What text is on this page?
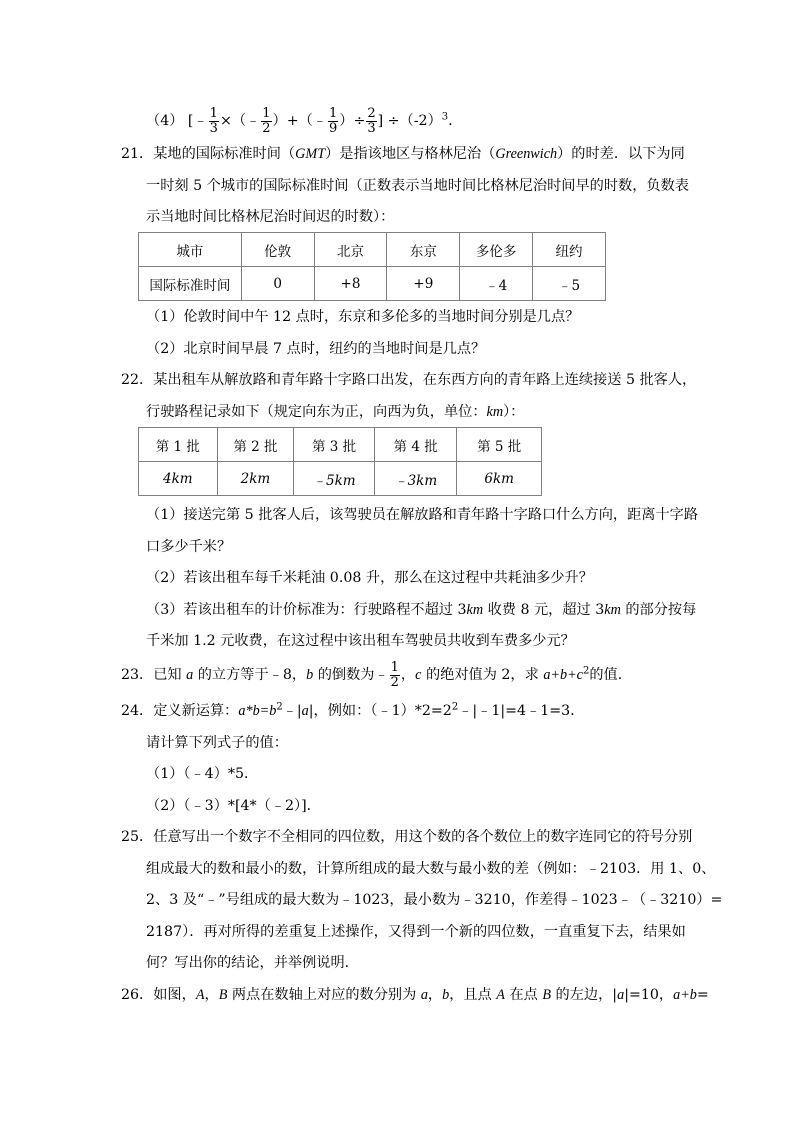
（4） [﹣ $\frac{1}{3}$ ×（﹣ $\frac{1}{2}$ ）+（﹣ $\frac{1}{9}$ ）÷ $\frac{2}{3}$ ] $\div(-2)^3$.
21．某地的国际标准时间（GMT）是指该地区与格林尼治（Greenwich）的时差．以下为同
一时刻 5 个城市的国际标准时间（正数表示当地时间比格林尼治时间早的时数，负数表
示当地时间比格林尼治时间迟的时数）：
城市	伦敦	北京	东京	多伦多	纽约
国际标准时间	0	+8	+9	﹣4	﹣5
（1）伦敦时间中午 12 点时，东京和多伦多的当地时间分别是几点？
（2）北京时间早晨 7 点时，纽约的当地时间是几点？
22．某出租车从解放路和青年路十字路口出发，在东西方向的青年路上连续接送 5 批客人，
行驶路程记录如下（规定向东为正，向西为负，单位：km）：
第 1 批	第 2 批	第 3 批	第 4 批	第 5 批
4km	2km	﹣5km	﹣3km	6km
（1）接送完第 5 批客人后，该驾驶员在解放路和青年路十字路口什么方向，距离十字路
口多少千米？
（2）若该出租车每千米耗油 0.08 升，那么在这过程中共耗油多少升？
（3）若该出租车的计价标准为：行驶路程不超过 3km 收费 8 元，超过 3km 的部分按每
千米加 1.2 元收费，在这过程中该出租车驾驶员共收到车费多少元？
23．已知 a 的立方等于﹣8，b 的倒数为﹣ $\frac{1}{2}$ ，c 的绝对值为 2，求 $a+b+c^2$的值．
24．定义新运算：$a*b=b^2﹣|a|$，例如：$(﹣1)*2=2^2﹣|﹣1|=4﹣1=3$．
请计算下列式子的值：
（1）（﹣4）*5．
（2）（﹣3）*[4*（﹣2）]．
25．任意写出一个数字不全相同的四位数，用这个数的各个数位上的数字连同它的符号分别
组成最大的数和最小的数，计算所组成的最大数与最小数的差（例如：﹣2103．用 1、0、
2、3 及“﹣”号组成的最大数为﹣1023，最小数为﹣3210，作差得﹣1023﹣（﹣3210）=
2187）．再对所得的差重复上述操作，又得到一个新的四位数，一直重复下去，结果如
何？写出你的结论，并举例说明．
26．如图，A，B 两点在数轴上对应的数分别为 a，b，且点 A 在点 B 的左边，|a|=10，a+b=
